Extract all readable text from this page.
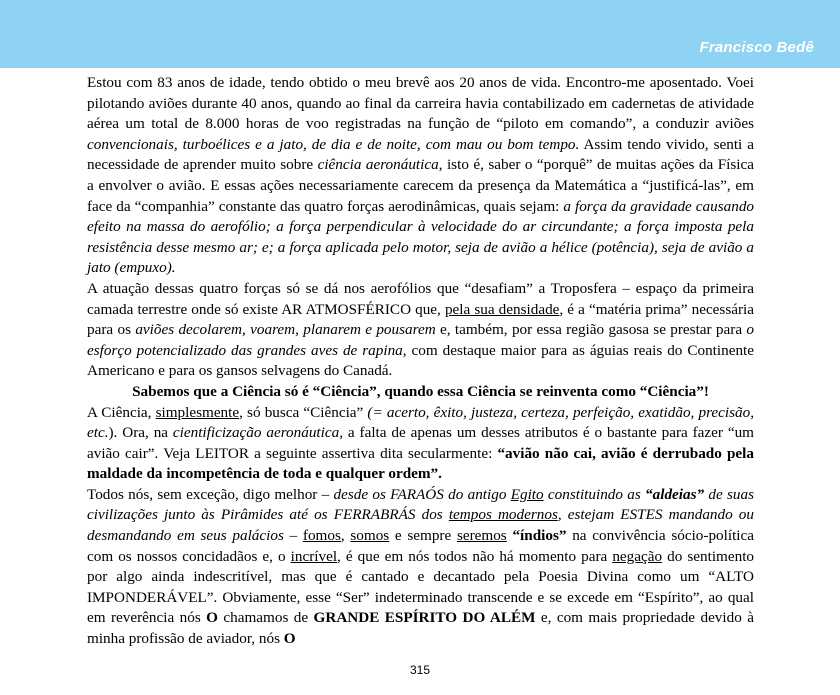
Francisco Bedê

Estou com 83 anos de idade, tendo obtido o meu brevê aos 20 anos de vida. Encontro-me aposentado. Voei pilotando aviões durante 40 anos, quando ao final da carreira havia contabilizado em cadernetas de atividade aérea um total de 8.000 horas de voo registradas na função de “piloto em comando”, a conduzir aviões convencionais, turboélices e a jato, de dia e de noite, com mau ou bom tempo. Assim tendo vivido, senti a necessidade de aprender muito sobre ciência aeronáutica, isto é, saber o “porquê” de muitas ações da Física a envolver o avião. E essas ações necessariamente carecem da presença da Matemática a “justificá-las”, em face da “companhia” constante das quatro forças aerodinâmicas, quais sejam: a força da gravidade causando efeito na massa do aerofólio; a força perpendicular à velocidade do ar circundante; a força imposta pela resistência desse mesmo ar; e; a força aplicada pelo motor, seja de avião a hélice (potência), seja de avião a jato (empuxo).

A atuação dessas quatro forças só se dá nos aerofólios que “desafiam” a Troposfera – espaço da primeira camada terrestre onde só existe AR ATMOSFÉRICO que, pela sua densidade, é a “matéria prima” necessária para os aviões decolarem, voarem, planarem e pousarem e, também, por essa região gasosa se prestar para o esforço potencializado das grandes aves de rapina, com destaque maior para as águias reais do Continente Americano e para os gansos selvagens do Canadá.

Sabemos que a Ciência só é “Ciência”, quando essa Ciência se reinventa como “Ciência”!

A Ciência, simplesmente, só busca “Ciência” (= acerto, êxito, justeza, certeza, perfeição, exatidão, precisão, etc.). Ora, na cientificização aeronáutica, a falta de apenas um desses atributos é o bastante para fazer “um avião cair”. Veja LEITOR a seguinte assertiva dita secularmente: “avião não cai, avião é derrubado pela maldade da incompetência de toda e qualquer ordem”.

Todos nós, sem exceção, digo melhor – desde os FARAÓS do antigo Egito constituindo as “aldeias” de suas civilizações junto às Pirâmides até os FERRABRÁS dos tempos modernos, estejam ESTES mandando ou desmandando em seus palácios – fomos, somos e sempre seremos “índios” na convivência sócio-política com os nossos concidadãos e, o incrível, é que em nós todos não há momento para negação do sentimento por algo ainda indescritível, mas que é cantado e decantado pela Poesia Divina como um “ALTO IMPONDERÁVEL”. Obviamente, esse “Ser” indeterminado transcende e se excede em “Espírito”, ao qual em reverência nós O chamamos de GRANDE ESPÍRITO DO ALÉM e, com mais propriedade devido à minha profissão de aviador, nós O

315
